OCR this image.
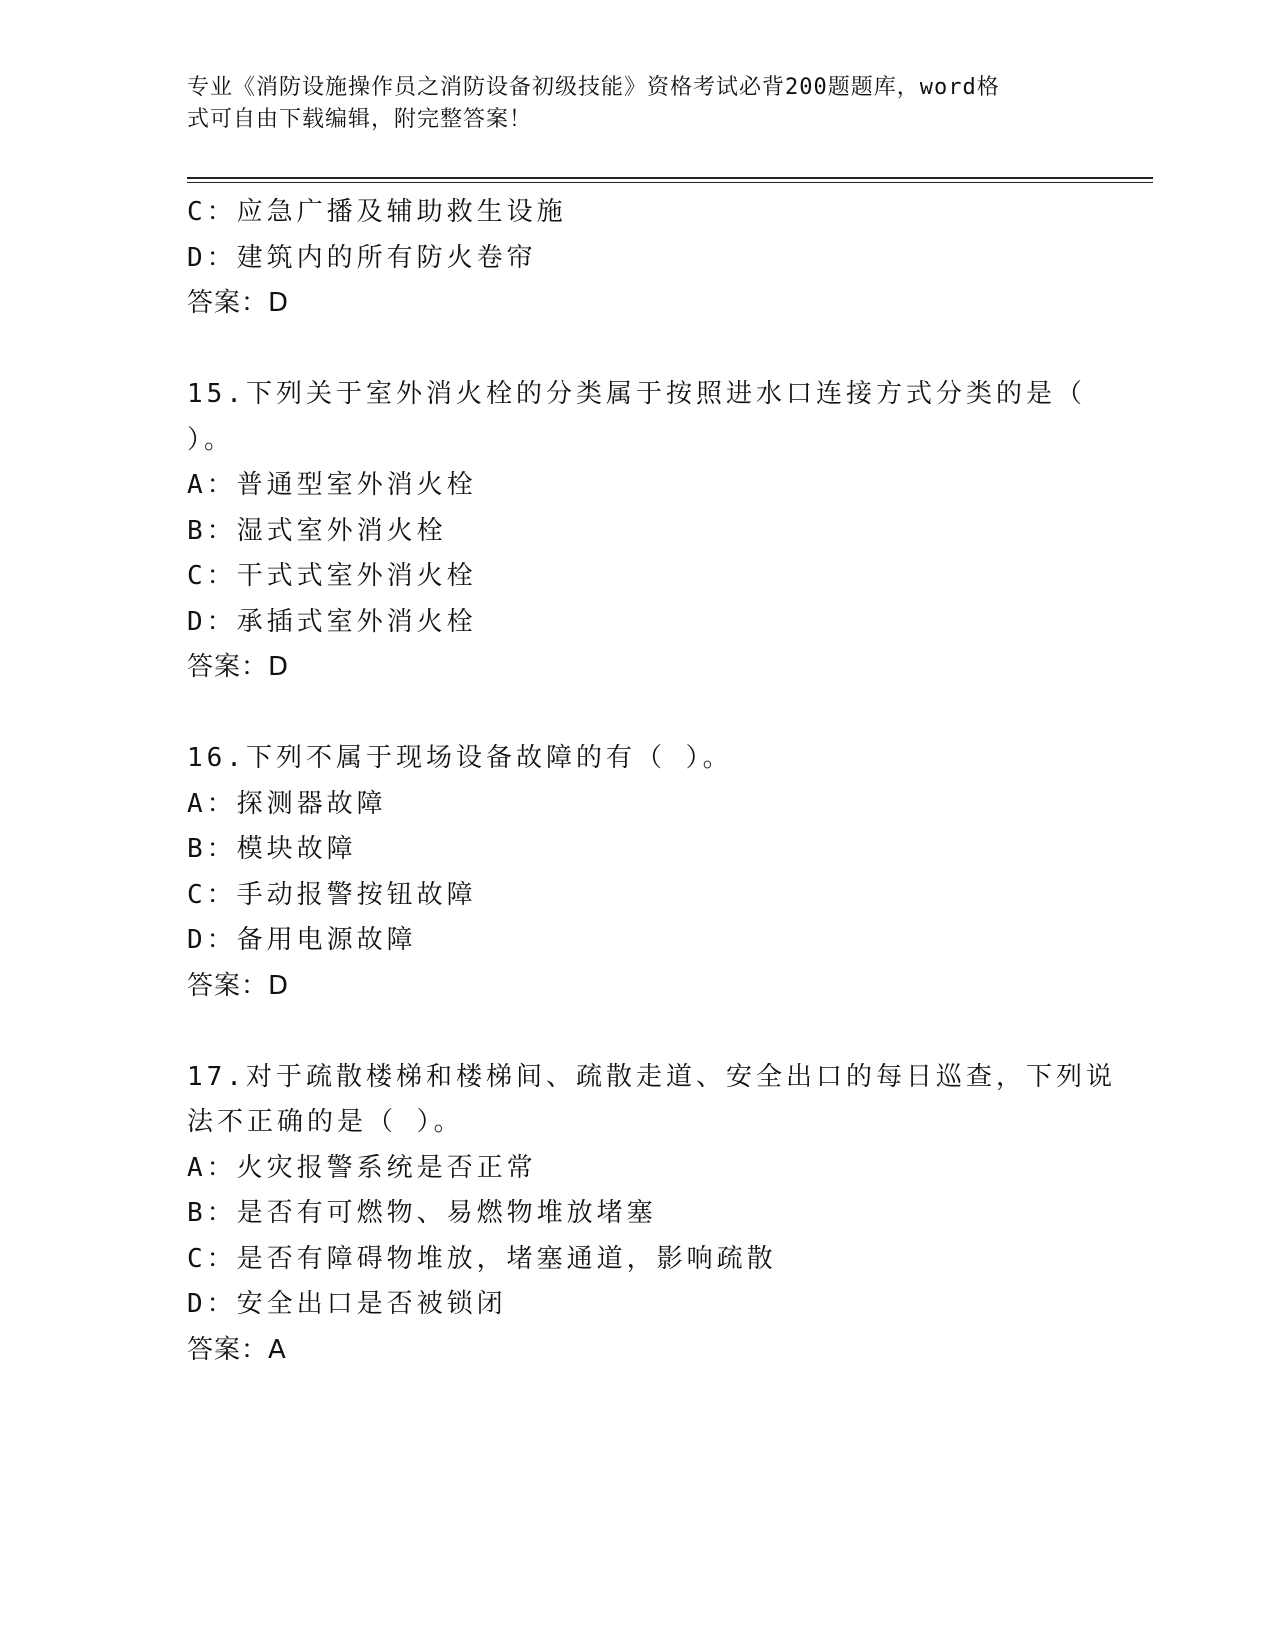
专业《消防设施操作员之消防设备初级技能》资格考试必背200题题库，word格
式可自由下载编辑，附完整答案！
C：应急广播及辅助救生设施
D：建筑内的所有防火卷帘
答案：D
15.下列关于室外消火栓的分类属于按照进水口连接方式分类的是（
）。
A：普通型室外消火栓
B：湿式室外消火栓
C：干式式室外消火栓
D：承插式室外消火栓
答案：D
16.下列不属于现场设备故障的有（ ）。
A：探测器故障
B：模块故障
C：手动报警按钮故障
D：备用电源故障
答案：D
17.对于疏散楼梯和楼梯间、疏散走道、安全出口的每日巡查，下列说
法不正确的是（ ）。
A：火灾报警系统是否正常
B：是否有可燃物、易燃物堆放堵塞
C：是否有障碍物堆放，堵塞通道，影响疏散
D：安全出口是否被锁闭
答案：A
